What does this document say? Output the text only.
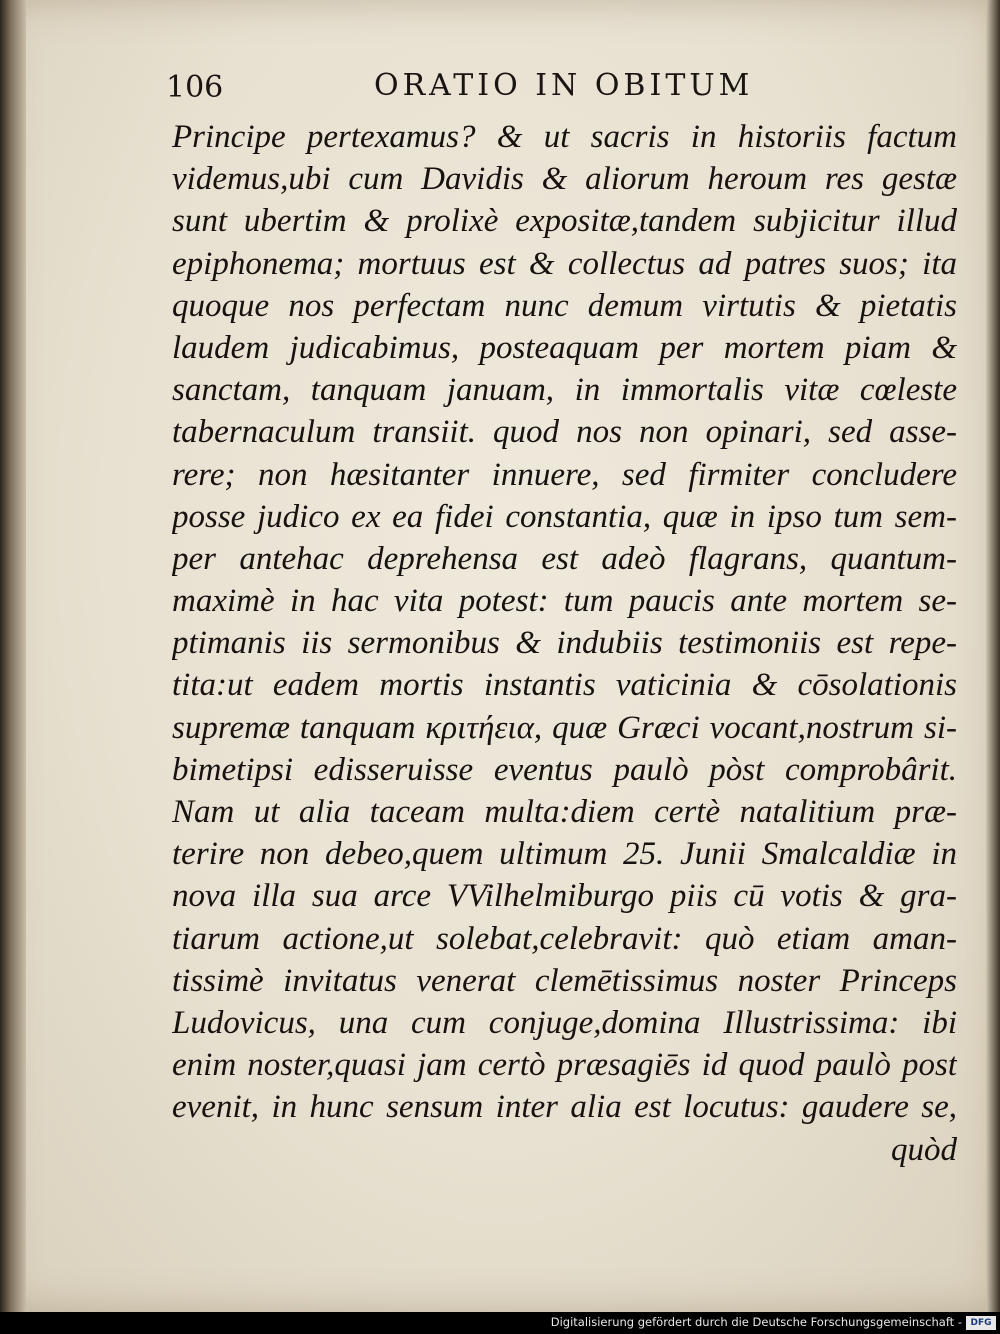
106	ORATIO IN OBITUM
Principe pertexamus? & ut sacris in historiis factum
videmus,ubi cum Davidis & aliorum heroum res gestæ
sunt ubertim & prolixè expositæ,tandem subjicitur illud
epiphonema; mortuus est & collectus ad patres suos; ita
quoque nos perfectam nunc demum virtutis & pietatis
laudem judicabimus, posteaquam per mortem piam &
sanctam, tanquam januam, in immortalis vitæ cœleste
tabernaculum transiit. quod nos non opinari, sed asse-
rere; non hæsitanter innuere, sed firmiter concludere
posse judico ex ea fidei constantia, quæ in ipso tum sem-
per antehac deprehensa est adeò flagrans, quantum-
maximè in hac vita potest: tum paucis ante mortem se-
ptimanis iis sermonibus & indubiis testimoniis est repe-
tita:ut eadem mortis instantis vaticinia & cōsolationis
supremæ tanquam κριτήεια, quæ Græci vocant,nostrum si-
bimetipsi edisseruisse eventus paulò pòst comprobârit.
Nam ut alia taceam multa:diem certè natalitium præ-
terire non debeo,quem ultimum 25. Junii Smalcaldiæ in
nova illa sua arce VVilhelmiburgo piis cū votis & gra-
tiarum actione,ut solebat,celebravit: quò etiam aman-
tissimè invitatus venerat clemētissimus noster Princeps
Ludovicus, una cum conjuge,domina Illustrissima: ibi
enim noster,quasi jam certò præsagiēs id quod paulò post
evenit, in hunc sensum inter alia est locutus: gaudere se,
quòd
Digitalisierung gefördert durch die Deutsche Forschungsgemeinschaft - DFG
